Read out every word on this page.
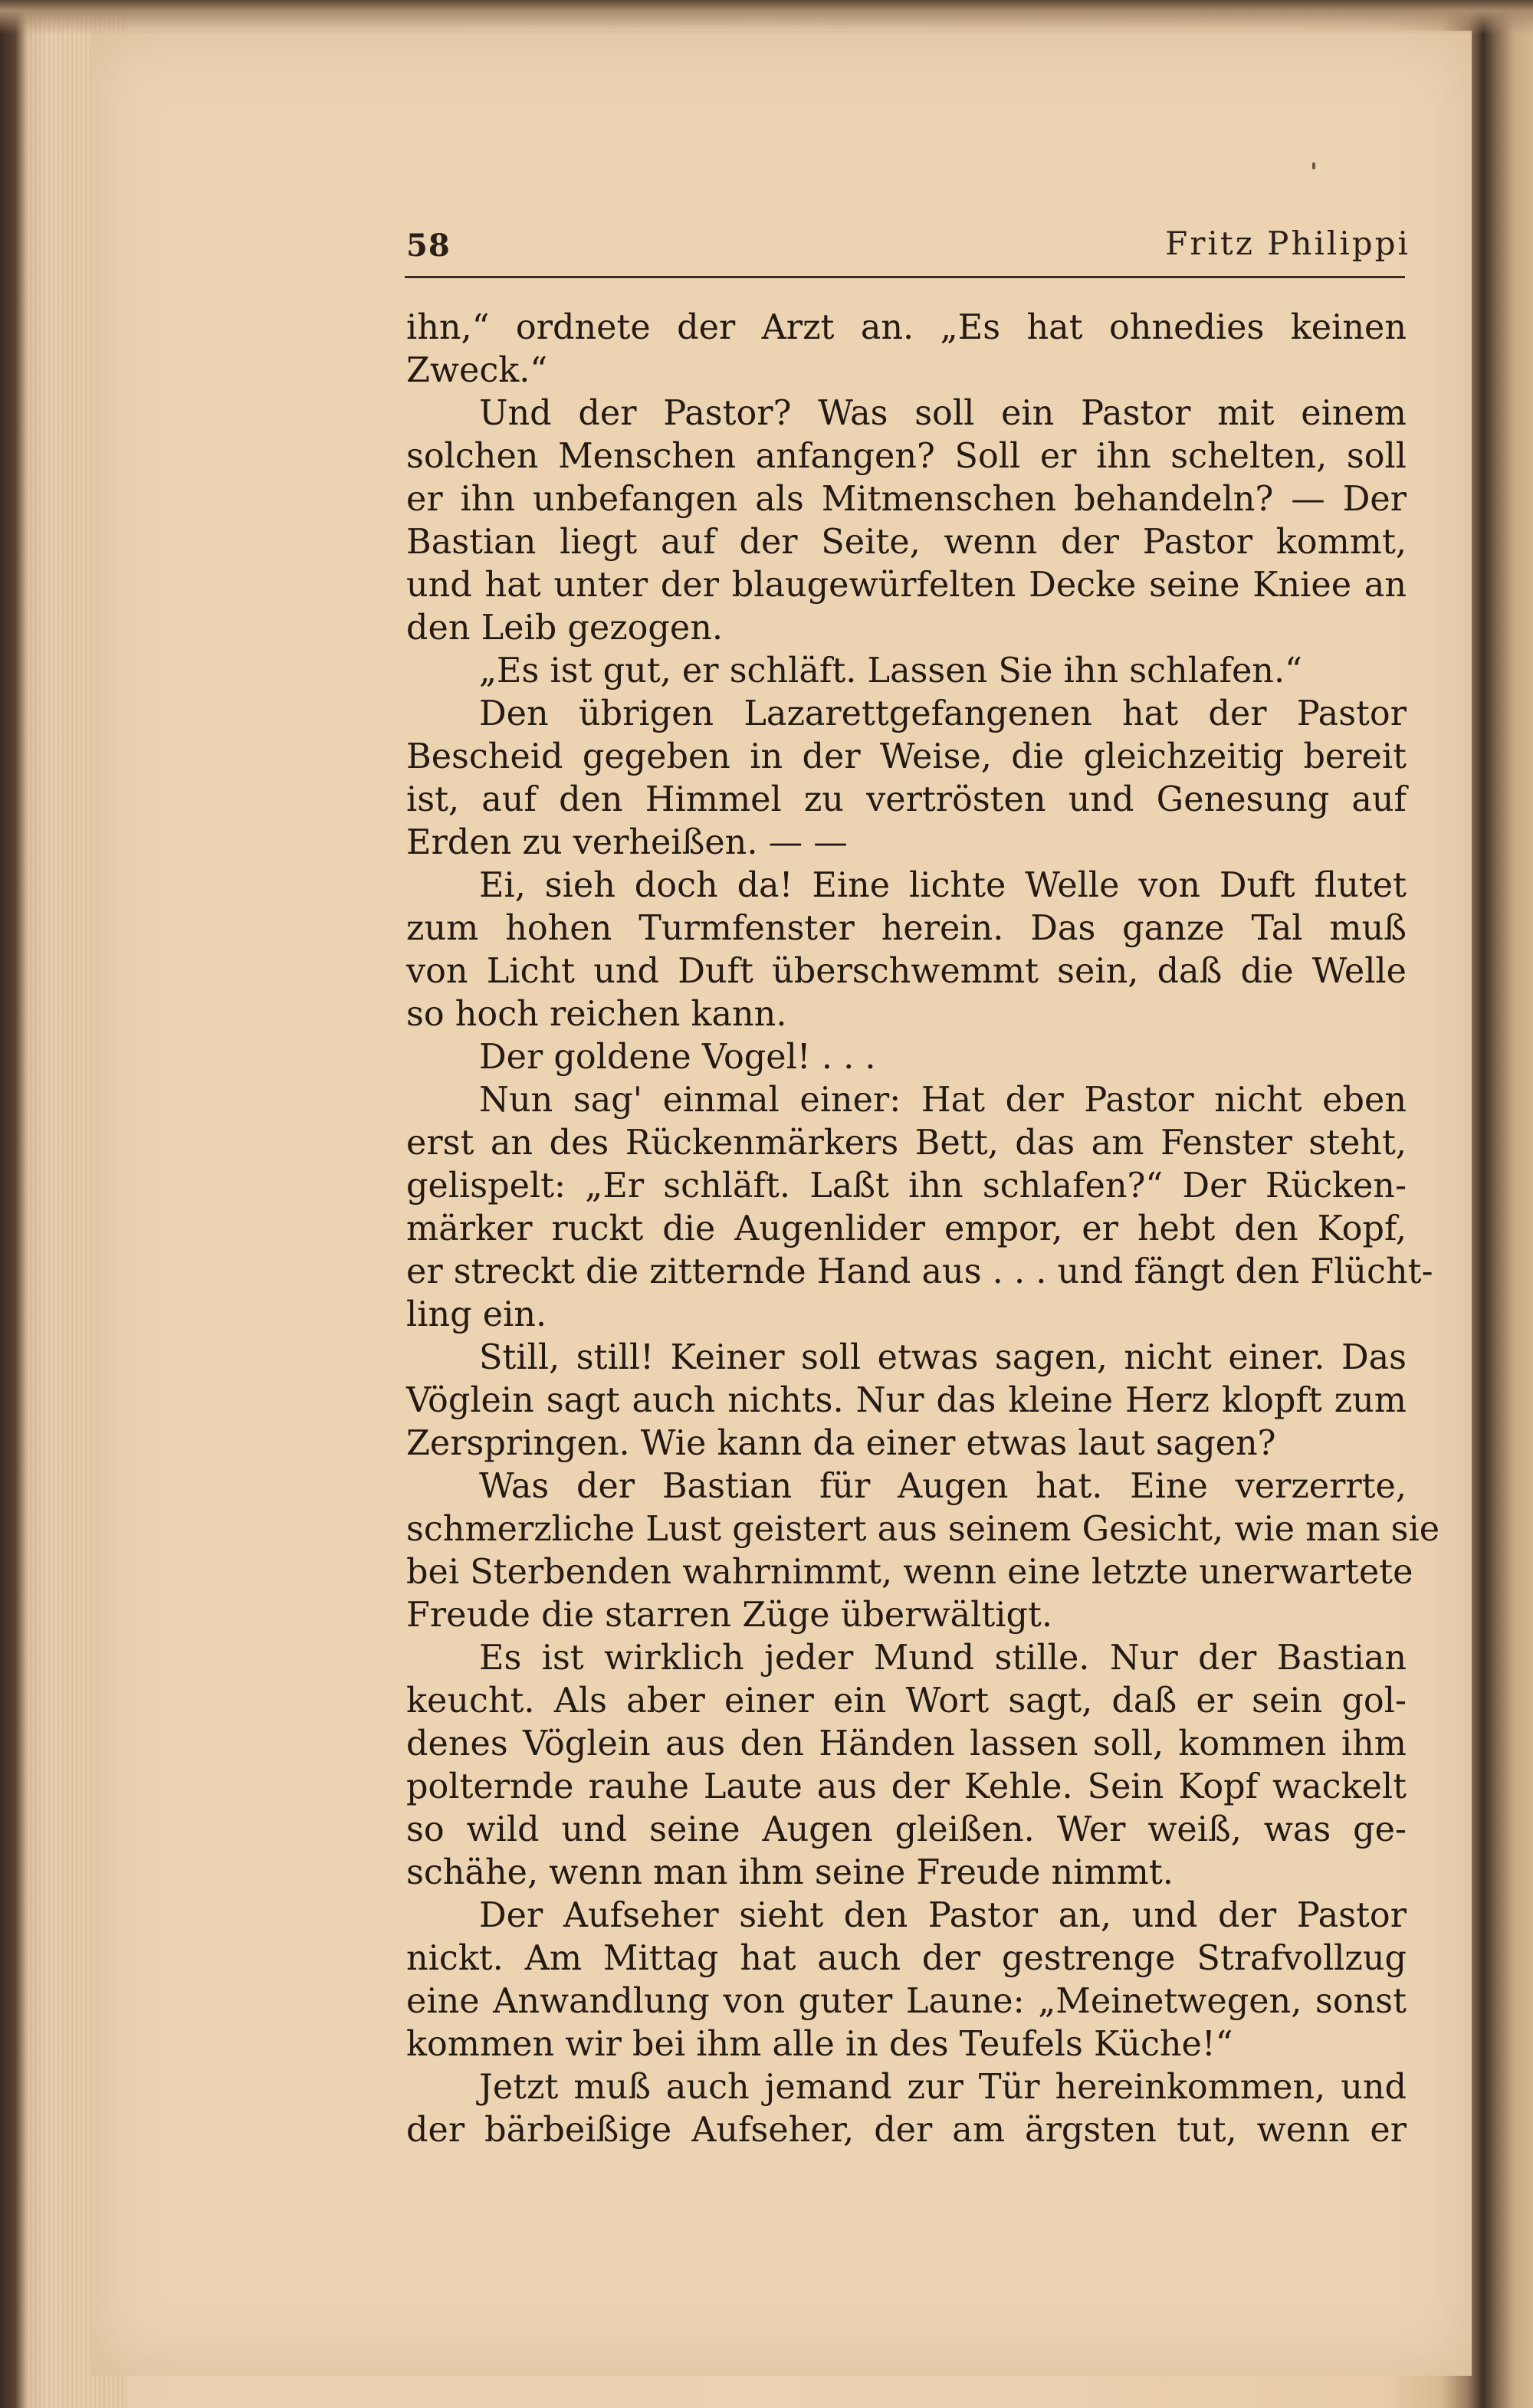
58	Fritz Philippi
ihn,“ ordnete der Arzt an. „Es hat ohnedies keinen
Zweck.“
Und der Pastor? Was soll ein Pastor mit einem
solchen Menschen anfangen? Soll er ihn schelten, soll
er ihn unbefangen als Mitmenschen behandeln? — Der
Bastian liegt auf der Seite, wenn der Pastor kommt,
und hat unter der blaugewürfelten Decke seine Kniee an
den Leib gezogen.
„Es ist gut, er schläft. Lassen Sie ihn schlafen.“
Den übrigen Lazarettgefangenen hat der Pastor
Bescheid gegeben in der Weise, die gleichzeitig bereit
ist, auf den Himmel zu vertrösten und Genesung auf
Erden zu verheißen. — —
Ei, sieh doch da! Eine lichte Welle von Duft flutet
zum hohen Turmfenster herein. Das ganze Tal muß
von Licht und Duft überschwemmt sein, daß die Welle
so hoch reichen kann.
Der goldene Vogel! . . .
Nun sag' einmal einer: Hat der Pastor nicht eben
erst an des Rückenmärkers Bett, das am Fenster steht,
gelispelt: „Er schläft. Laßt ihn schlafen?“ Der Rücken-
märker ruckt die Augenlider empor, er hebt den Kopf,
er streckt die zitternde Hand aus . . . und fängt den Flücht-
ling ein.
Still, still! Keiner soll etwas sagen, nicht einer. Das
Vöglein sagt auch nichts. Nur das kleine Herz klopft zum
Zerspringen. Wie kann da einer etwas laut sagen?
Was der Bastian für Augen hat. Eine verzerrte,
schmerzliche Lust geistert aus seinem Gesicht, wie man sie
bei Sterbenden wahrnimmt, wenn eine letzte unerwartete
Freude die starren Züge überwältigt.
Es ist wirklich jeder Mund stille. Nur der Bastian
keucht. Als aber einer ein Wort sagt, daß er sein gol-
denes Vöglein aus den Händen lassen soll, kommen ihm
polternde rauhe Laute aus der Kehle. Sein Kopf wackelt
so wild und seine Augen gleißen. Wer weiß, was ge-
schähe, wenn man ihm seine Freude nimmt.
Der Aufseher sieht den Pastor an, und der Pastor
nickt. Am Mittag hat auch der gestrenge Strafvollzug
eine Anwandlung von guter Laune: „Meinetwegen, sonst
kommen wir bei ihm alle in des Teufels Küche!“
Jetzt muß auch jemand zur Tür hereinkommen, und
der bärbeißige Aufseher, der am ärgsten tut, wenn er
